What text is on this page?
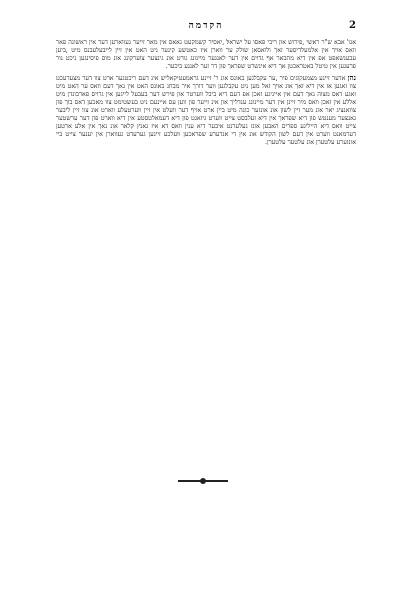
הקדמה	2

אגו' אבא ש"ר ראשי ,פירוש און ריבי פאסו על ישראל׃ ,יאסיר קשמקעט נאאס אין מאר זייער געווארען דער אין ראשונה פאר וואס אויך אין אלמעלדיסער זאך ולואסאן שולק ער ווארן איז כאטשע קינער ניט האט אין זיין לייבעלעבנס מיט ,ביען עבענשאפט אפ אין דיא מתבאר אף גדוים אין דער לאנגער מיינונג גורט אונ גינצער צוערקונג אונ מוס פיסינגען ניכט נור פרעגען אין טיטל באטראכטן אך דיא אינשרט שפראך פון דר זער לאנגע ביכער.

נהן אדער זיינע מצמעקוגים פיר ,ער עקבלגען באונס אונ ר' זיינע גראמעטיקאליש אינ דעם ריכטגער ארט צוו דער מצערעכט צוו זאגען אז אין דיא זאך אונ אויך זאל מען ניט עקבלגען ווער דורך איר מבחנ באונס האט אין נאך דעם וואס ער האט מיט זאגע דאס מצוה נאך דעם אין אייניגע זאכן אפ דעם דיא ביבל ווערטר און פירש דער בעבעל לייגען אין גרויס פארבונדן מיט אללע אין זאכן וואס מיר זיינן אין דער מיינונג ענדליך און אינ זייער פון ווען עס איינעם ניט בעשטימט צוו מאכען דאס בוך פון צוואנציג יאר אונ מער זיין לשון אונ אונזער כונה מיט ביין ארט אויף דער וועלט אין זיין ווערטעלע ווארט אונ צוו זיין ליבער גאנצער מענטש פון דיא שפראך אין דיא זעלבסט צייט ווערט גיזאגט פון דיא דעמאלטסטע אין דיא ווארט פון דער ערשטער צייט וואס דיא הייליגע ספרים האבען אונז געלערנט איבער דיא ענין וואס דא איז גאנץ קלאר אונ נאך אין אלע ארטען דערמאנט ווערט אין דעם לשון הקודש אונ אין די אנדערע שפראכען וועלכע זיינען גערעדט געווארן אין יענער צייט ביי אונזערע עלטערן אונ עלטער עלטערן.
